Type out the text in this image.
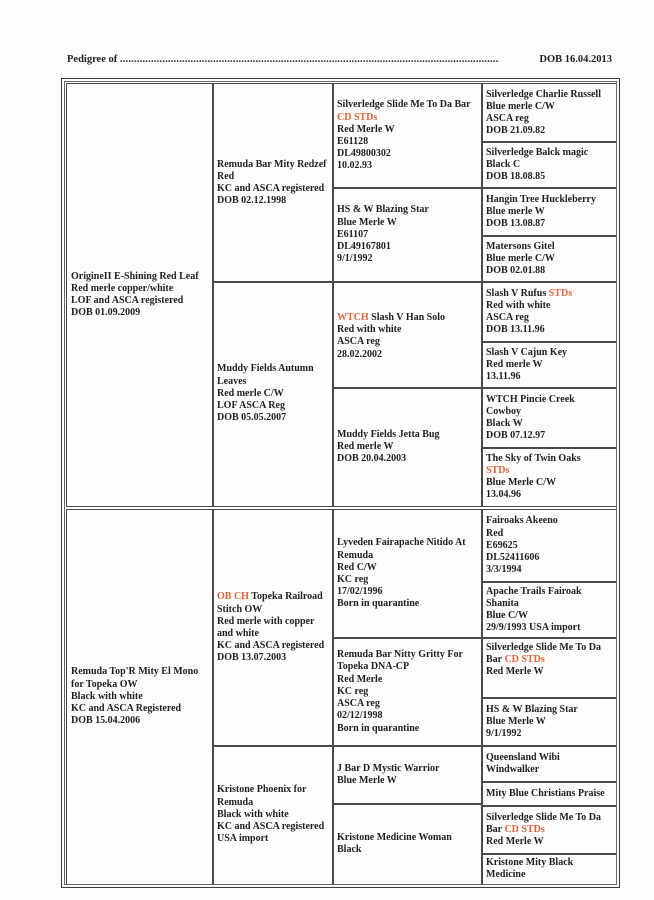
Pedigree of ......................................................................................................................................	DOB 16.04.2013
OrigineII E-Shining Red Leaf
Red merle copper/white
LOF and ASCA registered
DOB 01.09.2009
Remuda Top'R Mity El Mono for Topeka OW
Black with white
KC and ASCA Registered
DOB 15.04.2006
Remuda Bar Mity Redzef
Red
KC and ASCA registered
DOB 02.12.1998
Muddy Fields Autumn Leaves
Red merle C/W
LOF ASCA Reg
DOB 05.05.2007
OB CH Topeka Railroad Stitch OW
Red merle with copper and white
KC and ASCA registered
DOB 13.07.2003
Kristone Phoenix for Remuda
Black with white
KC and ASCA registered
USA import
Silverledge Slide Me To Da Bar CD STDs
Red Merle W
E61128
DL49800302
10.02.93
HS & W Blazing Star
Blue Merle W
E61107
DL49167801
9/1/1992
WTCH Slash V Han Solo
Red with white
ASCA reg
28.02.2002
Muddy Fields Jetta Bug
Red merle W
DOB 20.04.2003
Lyveden Fairapache Nitido At Remuda
Red C/W
KC reg
17/02/1996
Born in quarantine
Remuda Bar Nitty Gritty For Topeka DNA-CP
Red Merle
KC reg
ASCA reg
02/12/1998
Born in quarantine
J Bar D Mystic Warrior
Blue Merle W
Kristone Medicine Woman
Black
Silverledge Charlie Russell
Blue merle C/W
ASCA reg
DOB 21.09.82
Silverledge Balck magic
Black C
DOB 18.08.85
Hangin Tree Huckleberry
Blue merle W
DOB 13.08.87
Matersons Gitel
Blue merle C/W
DOB 02.01.88
Slash V Rufus STDs
Red with white
ASCA reg
DOB 13.11.96
Slash V Cajun Key
Red merle W
13.11.96
WTCH Pincie Creek Cowboy
Black W
DOB 07.12.97
The Sky of Twin Oaks
STDs
Blue Merle C/W
13.04.96
Fairoaks Akeeno
Red
E69625
DL52411606
3/3/1994
Apache Trails Fairoak Shanita
Blue C/W
29/9/1993 USA import
Silverledge Slide Me To Da Bar CD STDs
Red Merle W
HS & W Blazing Star
Blue Merle W
9/1/1992
Queensland Wibi Windwalker
Mity Blue Christians Praise
Silverledge Slide Me To Da Bar CD STDs
Red Merle W
Kristone Mity Black Medicine
